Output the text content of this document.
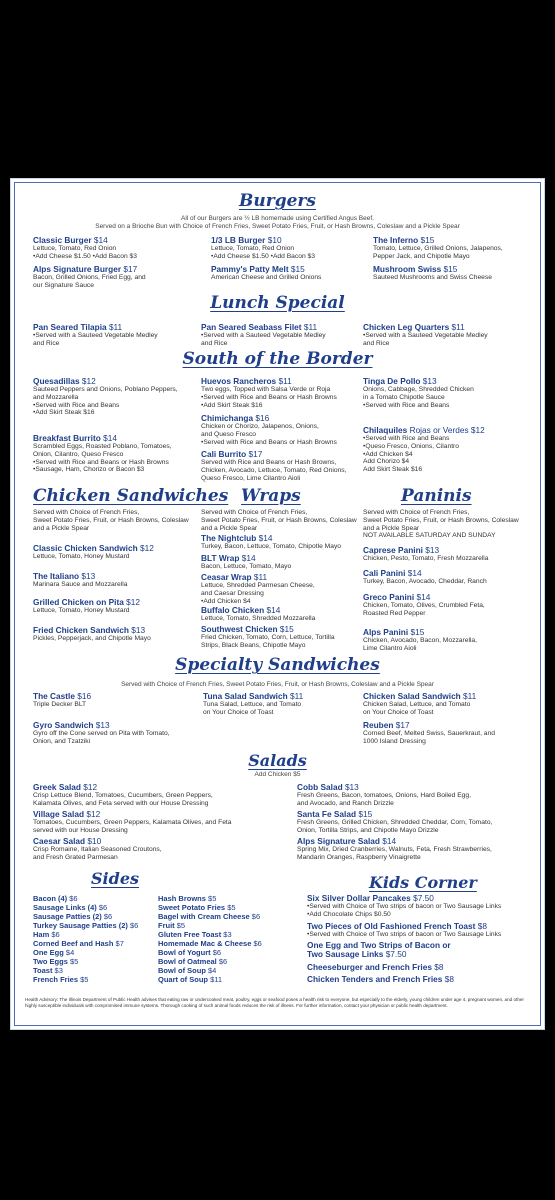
Burgers
All of our Burgers are ½ LB homemade using Certified Angus Beef.
Served on a Brioche Bun with Choice of French Fries, Sweet Potato Fries, Fruit, or Hash Browns, Coleslaw and a Pickle Spear
Lunch Special
South of the Border
Chicken Sandwiches Wraps	Paninis
Specialty Sandwiches
Served with Choice of French Fries, Sweet Potato Fries, Fruit, or Hash Browns, Coleslaw and a Pickle Spear
Salads
Add Chicken $5
Sides	Kids Corner
Health Advisory: The Illinois Department of Public Health advises that eating raw or undercooked meat, poultry, eggs or seafood poses a health risk to everyone, but especially to the elderly, young children under age 4, pregnant women, and other highly susceptible individuals with compromised immune systems. Thorough cooking of such animal foods reduces the risk of illness. For further information, contact your physician or public health department.
Classic Burger $14
Lettuce, Tomato, Red Onion
•Add Cheese $1.50 •Add Bacon $3
1/3 LB Burger $10
Lettuce, Tomato, Red Onion
•Add Cheese $1.50 •Add Bacon $3
The Inferno $15
Tomato, Lettuce, Grilled Onions, Jalapenos,
Pepper Jack, and Chipotle Mayo
Alps Signature Burger $17
Bacon, Grilled Onions, Fried Egg, and
our Signature Sauce
Pammy's Patty Melt $15
American Cheese and Grilled Onions
Mushroom Swiss $15
Sauteed Mushrooms and Swiss Cheese
Pan Seared Tilapia $11
•Served with a Sauteed Vegetable Medley
and Rice
Pan Seared Seabass Filet $11
•Served with a Sauteed Vegetable Medley
and Rice
Chicken Leg Quarters $11
•Served with a Sauteed Vegetable Medley
and Rice
Quesadillas $12
Sauteed Peppers and Onions, Poblano Peppers,
and Mozzarella
•Served with Rice and Beans
•Add Skirt Steak $16
Huevos Rancheros $11
Two eggs, Topped with Salsa Verde or Roja
•Served with Rice and Beans or Hash Browns
•Add Skirt Steak $16
Tinga De Pollo $13
Onions, Cabbage, Shredded Chicken
in a Tomato Chipotle Sauce
•Served with Rice and Beans
Chimichanga $16
Chicken or Chorizo, Jalapenos, Onions,
and Queso Fresco
•Served with Rice and Beans or Hash Browns
Breakfast Burrito $14
Scrambled Eggs, Roasted Poblano, Tomatoes,
Onion, Cilantro, Queso Fresco
•Served with Rice and Beans or Hash Browns
•Sausage, Ham, Chorizo or Bacon $3
Chilaquiles Rojas or Verdes $12
•Served with Rice and Beans
•Queso Fresco, Onions, Cilantro
•Add Chicken $4
Add Chorizo $4
Add Skirt Steak $16
Cali Burrito $17
Served with Rice and Beans or Hash Browns,
Chicken, Avocado, Lettuce, Tomato, Red Onions,
Queso Fresco, Lime Cilantro Aioli
Served with Choice of French Fries,
Sweet Potato Fries, Fruit, or Hash Browns, Coleslaw
and a Pickle Spear
Classic Chicken Sandwich $12
Lettuce, Tomato, Honey Mustard
The Italiano $13
Marinara Sauce and Mozzarella
Grilled Chicken on Pita $12
Lettuce, Tomato, Honey Mustard
Fried Chicken Sandwich $13
Pickles, Pepperjack, and Chipotle Mayo
Served with Choice of French Fries,
Sweet Potato Fries, Fruit, or Hash Browns, Coleslaw
and a Pickle Spear
The Nightclub $14
Turkey, Bacon, Lettuce, Tomato, Chipotle Mayo
BLT Wrap $14
Bacon, Lettuce, Tomato, Mayo
Ceasar Wrap $11
Lettuce, Shredded Parmesan Cheese,
and Caesar Dressing
•Add Chicken $4
Buffalo Chicken $14
Lettuce, Tomato, Shredded Mozzarella
Southwest Chicken $15
Fried Chicken, Tomato, Corn, Lettuce, Tortilla
Strips, Black Beans, Chipotle Mayo
Served with Choice of French Fries,
Sweet Potato Fries, Fruit, or Hash Browns, Coleslaw
and a Pickle Spear
NOT AVAILABLE SATURDAY AND SUNDAY
Caprese Panini $13
Chicken, Pesto, Tomato, Fresh Mozzarella
Cali Panini $14
Turkey, Bacon, Avocado, Cheddar, Ranch
Greco Panini $14
Chicken, Tomato, Olives, Crumbled Feta,
Roasted Red Pepper
Alps Panini $15
Chicken, Avocado, Bacon, Mozzarella,
Lime Cilantro Aioli
The Castle $16
Triple Decker BLT
Tuna Salad Sandwich $11
Tuna Salad, Lettuce, and Tomato
on Your Choice of Toast
Chicken Salad Sandwich $11
Chicken Salad, Lettuce, and Tomato
on Your Choice of Toast
Gyro Sandwich $13
Gyro off the Cone served on Pita with Tomato,
Onion, and Tzatziki
Reuben $17
Corned Beef, Melted Swiss, Sauerkraut, and
1000 Island Dressing
Greek Salad $12
Crisp Lettuce Blend, Tomatoes, Cucumbers, Green Peppers,
Kalamata Olives, and Feta served with our House Dressing
Cobb Salad $13
Fresh Greens, Bacon, tomatoes, Onions, Hard Boiled Egg,
and Avocado, and Ranch Drizzle
Village Salad $12
Tomatoes, Cucumbers, Green Peppers, Kalamata Olives, and Feta
served with our House Dressing
Santa Fe Salad $15
Fresh Greens, Grilled Chicken, Shredded Cheddar, Corn, Tomato,
Onion, Tortilla Strips, and Chipotle Mayo Drizzle
Caesar Salad $10
Crisp Romaine, Italian Seasoned Croutons,
and Fresh Grated Parmesan
Alps Signature Salad $14
Spring Mix, Dried Cranberries, Walnuts, Feta, Fresh Strawberries,
Mandarin Oranges, Raspberry Vinaigrette
Bacon (4) $6
Sausage Links (4) $6
Sausage Patties (2) $6
Turkey Sausage Patties (2) $6
Ham $6
Corned Beef and Hash $7
One Egg $4
Two Eggs $5
Toast $3
French Fries $5
Hash Browns $5
Sweet Potato Fries $5
Bagel with Cream Cheese $6
Fruit $5
Gluten Free Toast $3
Homemade Mac & Cheese $6
Bowl of Yogurt $6
Bowl of Oatmeal $6
Bowl of Soup $4
Quart of Soup $11
Six Silver Dollar Pancakes $7.50
•Served with Choice of Two strips of bacon or Two Sausage Links
•Add Chocolate Chips $0.50
Two Pieces of Old Fashioned French Toast $8
•Served with Choice of Two strips of bacon or Two Sausage Links
One Egg and Two Strips of Bacon or
Two Sausage Links $7.50
Cheeseburger and French Fries $8
Chicken Tenders and French Fries $8
